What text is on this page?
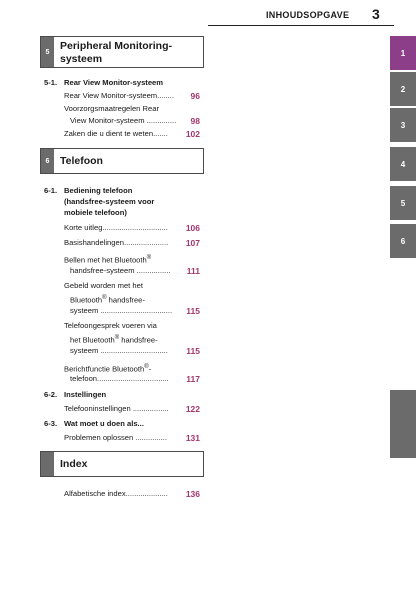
INHOUDSOPGAVE 3
1
2
3
4
5
6
5	Peripheral Monitoring-
systeem
5-1. Rear View Monitor-systeem
Rear View Monitor-systeem........	96
Voorzorgsmaatregelen Rear
View Monitor-systeem ..............	98
Zaken die u dient te weten.......	102
6	Telefoon
6-1. Bediening telefoon
(handsfree-systeem voor
mobiele telefoon)
Korte uitleg...............................	106
Basishandelingen.....................	107
Bellen met het Bluetooth®
handsfree-systeem ................	111
Gebeld worden met het
Bluetooth® handsfree-
systeem ..................................	115
Telefoongesprek voeren via
het Bluetooth® handsfree-
systeem ................................	115
Berichtfunctie Bluetooth®-
telefoon..................................	117
6-2. Instellingen
Telefooninstellingen .................	122
6-3. Wat moet u doen als...
Problemen oplossen ...............	131
Index
Alfabetische index....................	136
